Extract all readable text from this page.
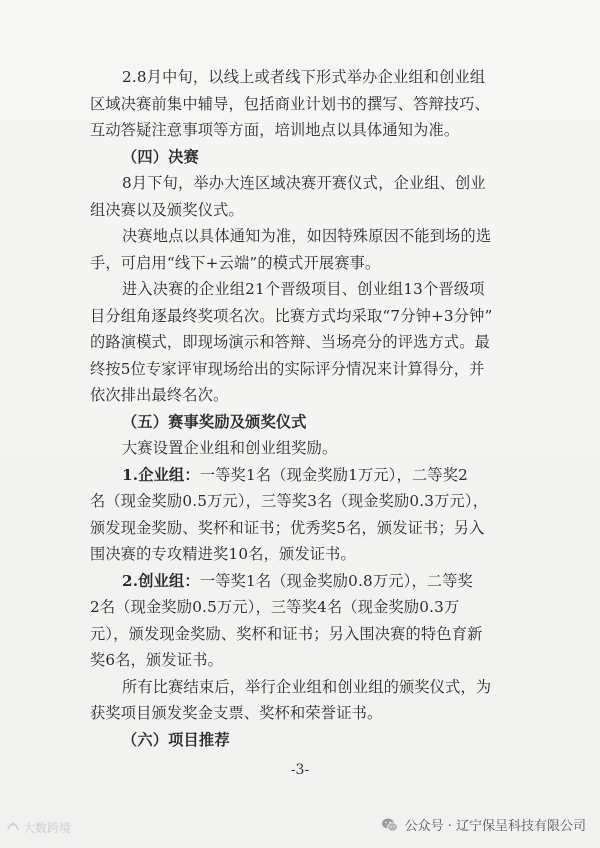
2.8月中旬，以线上或者线下形式举办企业组和创业组
区域决赛前集中辅导，包括商业计划书的撰写、答辩技巧、
互动答疑注意事项等方面，培训地点以具体通知为准。
（四）决赛
8月下旬，举办大连区域决赛开赛仪式，企业组、创业
组决赛以及颁奖仪式。
决赛地点以具体通知为准，如因特殊原因不能到场的选
手，可启用“线下+云端”的模式开展赛事。
进入决赛的企业组21个晋级项目、创业组13个晋级项
目分组角逐最终奖项名次。比赛方式均采取“7分钟+3分钟”
的路演模式，即现场演示和答辩、当场亮分的评选方式。最
终按5位专家评审现场给出的实际评分情况来计算得分，并
依次排出最终名次。
（五）赛事奖励及颁奖仪式
大赛设置企业组和创业组奖励。
1.企业组：一等奖1名（现金奖励1万元），二等奖2
名（现金奖励0.5万元），三等奖3名（现金奖励0.3万元），
颁发现金奖励、奖杯和证书；优秀奖5名，颁发证书；另入
围决赛的专攻精进奖10名，颁发证书。
2.创业组：一等奖1名（现金奖励0.8万元），二等奖
2名（现金奖励0.5万元），三等奖4名（现金奖励0.3万
元），颁发现金奖励、奖杯和证书；另入围决赛的特色育新
奖6名，颁发证书。
所有比赛结束后，举行企业组和创业组的颁奖仪式，为
获奖项目颁发奖金支票、奖杯和荣誉证书。
（六）项目推荐
-3-
大数跨境	公众号 · 辽宁保呈科技有限公司
